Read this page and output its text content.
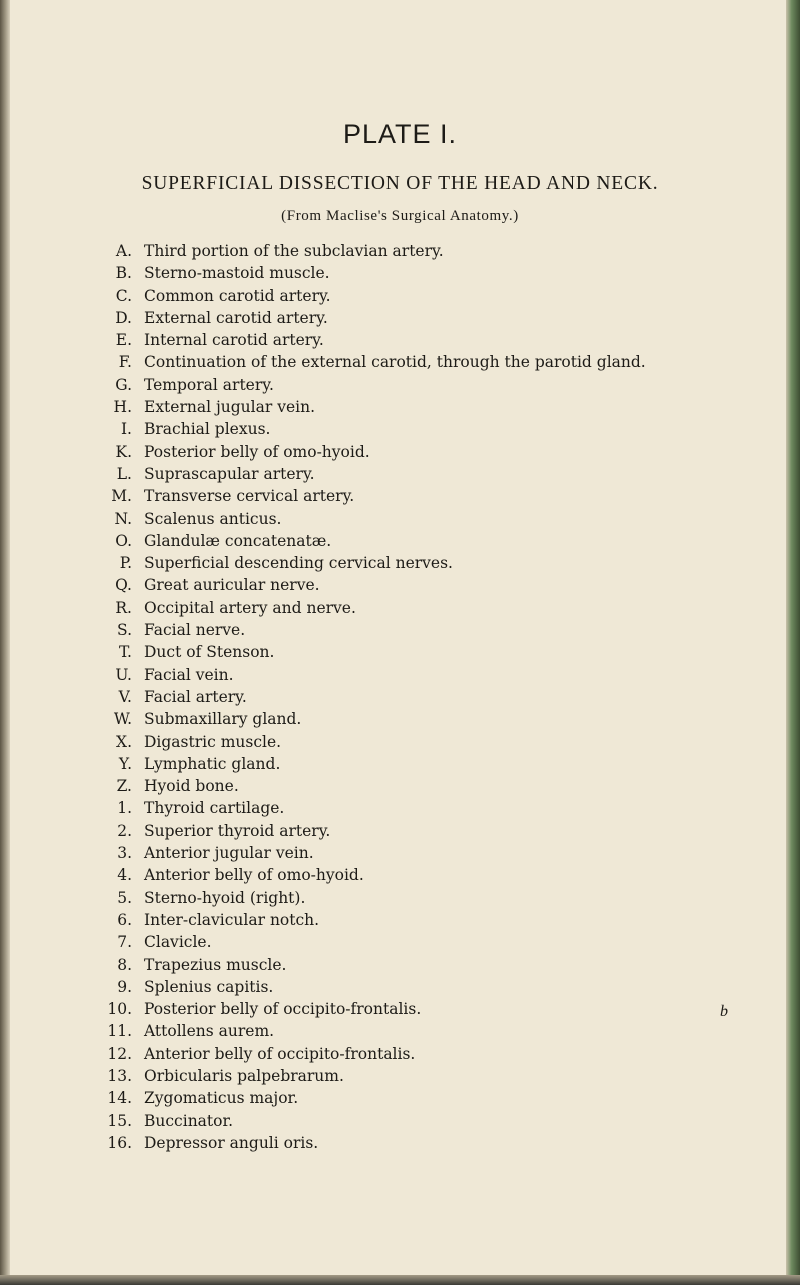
PLATE I.
SUPERFICIAL DISSECTION OF THE HEAD AND NECK.
(From Maclise's Surgical Anatomy.)
A. Third portion of the subclavian artery.
B. Sterno-mastoid muscle.
C. Common carotid artery.
D. External carotid artery.
E. Internal carotid artery.
F. Continuation of the external carotid, through the parotid gland.
G. Temporal artery.
H. External jugular vein.
I. Brachial plexus.
K. Posterior belly of omo-hyoid.
L. Suprascapular artery.
M. Transverse cervical artery.
N. Scalenus anticus.
O. Glandulæ concatenatæ.
P. Superficial descending cervical nerves.
Q. Great auricular nerve.
R. Occipital artery and nerve.
S. Facial nerve.
T. Duct of Stenson.
U. Facial vein.
V. Facial artery.
W. Submaxillary gland.
X. Digastric muscle.
Y. Lymphatic gland.
Z. Hyoid bone.
1. Thyroid cartilage.
2. Superior thyroid artery.
3. Anterior jugular vein.
4. Anterior belly of omo-hyoid.
5. Sterno-hyoid (right).
6. Inter-clavicular notch.
7. Clavicle.
8. Trapezius muscle.
9. Splenius capitis.
10. Posterior belly of occipito-frontalis.
11. Attollens aurem.
12. Anterior belly of occipito-frontalis.
13. Orbicularis palpebrarum.
14. Zygomaticus major.
15. Buccinator.
16. Depressor anguli oris.
b
